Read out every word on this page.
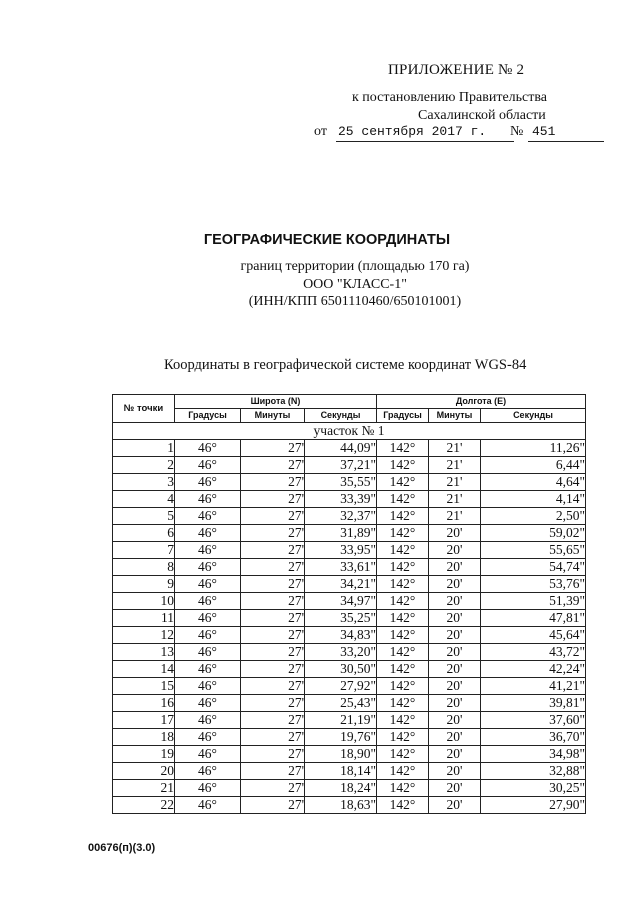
ПРИЛОЖЕНИЕ № 2
к постановлению Правительства
Сахалинской области
от 25 сентября 2017 г. № 451
ГЕОГРАФИЧЕСКИЕ КООРДИНАТЫ
границ территории (площадью 170 га)
ООО "КЛАСС-1"
(ИНН/КПП 6501110460/650101001)
Координаты в географической системе координат WGS-84
№ точки	Широта (N)			Долгота (E)		
	Градусы	Минуты	Секунды	Градусы	Минуты	Секунды
участок № 1						
1	46°	27'	44,09"	142°	21'	11,26"
2	46°	27'	37,21"	142°	21'	6,44"
3	46°	27'	35,55"	142°	21'	4,64"
4	46°	27'	33,39"	142°	21'	4,14"
5	46°	27'	32,37"	142°	21'	2,50"
6	46°	27'	31,89"	142°	20'	59,02"
7	46°	27'	33,95"	142°	20'	55,65"
8	46°	27'	33,61"	142°	20'	54,74"
9	46°	27'	34,21"	142°	20'	53,76"
10	46°	27'	34,97"	142°	20'	51,39"
11	46°	27'	35,25"	142°	20'	47,81"
12	46°	27'	34,83"	142°	20'	45,64"
13	46°	27'	33,20"	142°	20'	43,72"
14	46°	27'	30,50"	142°	20'	42,24"
15	46°	27'	27,92"	142°	20'	41,21"
16	46°	27'	25,43"	142°	20'	39,81"
17	46°	27'	21,19"	142°	20'	37,60"
18	46°	27'	19,76"	142°	20'	36,70"
19	46°	27'	18,90"	142°	20'	34,98"
20	46°	27'	18,14"	142°	20'	32,88"
21	46°	27'	18,24"	142°	20'	30,25"
22	46°	27'	18,63"	142°	20'	27,90"
00676(п)(3.0)
